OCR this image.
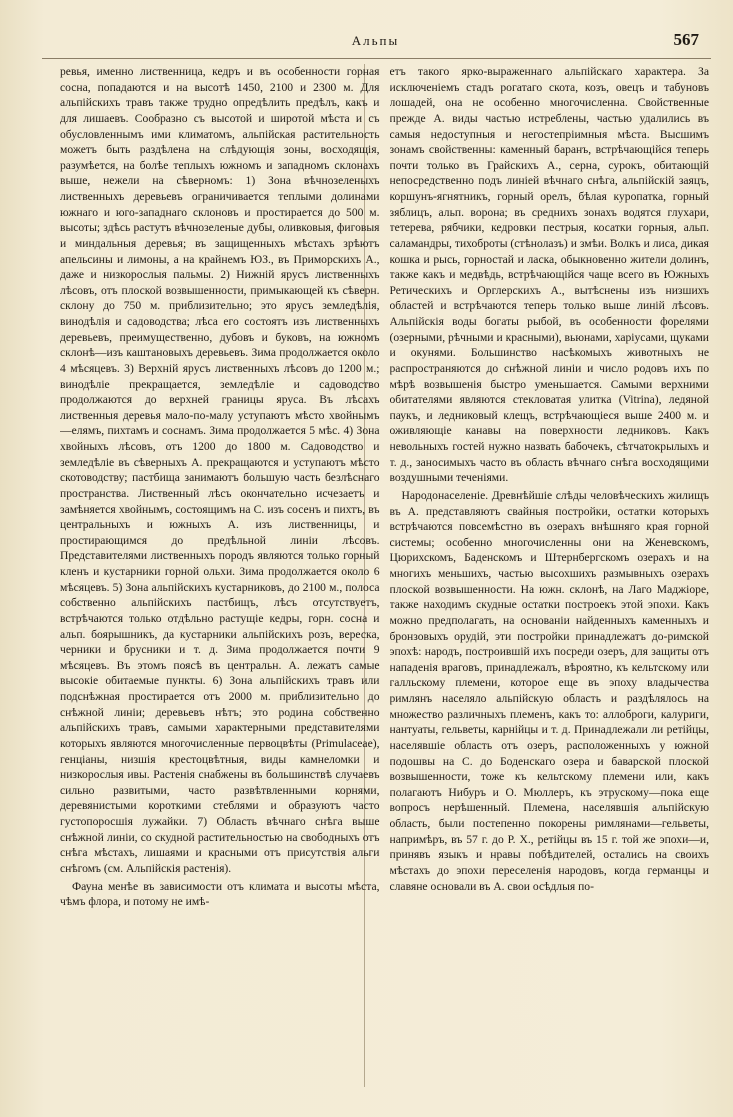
Альпы	567

ревья, именно лиственница, кедръ и въ особенности горная сосна, попадаются и на высотѣ 1450, 2100 и 2300 м. Для альпійскихъ травъ также трудно опредѣлить предѣлъ, какъ и для лишаевъ. Сообразно съ высотой и широтой мѣста и съ обусловленнымъ ими климатомъ, альпійская растительность можетъ быть раздѣлена на слѣдующія зоны, восходящія, разумѣется, на болѣе теплыхъ южномъ и западномъ склонахъ выше, нежели на сѣверномъ: 1) Зона вѣчнозеленыхъ лиственныхъ деревьевъ ограничивается теплыми долинами южнаго и юго-западнаго склоновъ и простирается до 500 м. высоты; здѣсь растутъ вѣчнозеленые дубы, оливковыя, фиговыя и миндальныя деревья; въ защищенныхъ мѣстахъ зрѣютъ апельсины и лимоны, а на крайнемъ ЮЗ., въ Приморскихъ А., даже и низкорослыя пальмы. 2) Нижній ярусъ лиственныхъ лѣсовъ, отъ плоской возвышенности, примыкающей къ сѣверн. склону до 750 м. приблизительно; это ярусъ земледѣлія, винодѣлія и садоводства; лѣса его состоятъ изъ лиственныхъ деревьевъ, преимущественно, дубовъ и буковъ, на южномъ склонѣ—изъ каштановыхъ деревьевъ. Зима продолжается около 4 мѣсяцевъ. 3) Верхній ярусъ лиственныхъ лѣсовъ до 1200 м.; винодѣліе прекращается, земледѣліе и садоводство продолжаются до верхней границы яруса. Въ лѣсахъ лиственныя деревья мало-по-малу уступаютъ мѣсто хвойнымъ—елямъ, пихтамъ и соснамъ. Зима продолжается 5 мѣс. 4) Зона хвойныхъ лѣсовъ, отъ 1200 до 1800 м. Садоводство и земледѣліе въ сѣверныхъ А. прекращаются и уступаютъ мѣсто скотоводству; пастбища занимаютъ большую часть безлѣснаго пространства. Лиственный лѣсъ окончательно исчезаетъ и замѣняется хвойнымъ, состоящимъ на С. изъ сосенъ и пихтъ, въ центральныхъ и южныхъ А. изъ лиственницы, и простирающимся до предѣльной линіи лѣсовъ. Представителями лиственныхъ породъ являются только горный кленъ и кустарники горной ольхи. Зима продолжается около 6 мѣсяцевъ. 5) Зона альпійскихъ кустарниковъ, до 2100 м., полоса собственно альпійскихъ пастбищъ, лѣсъ отсутствуетъ, встрѣчаются только отдѣльно растущіе кедры, горн. сосна и альп. боярышникъ, да кустарники альпійскихъ розъ, вереска, черники и брусники и т. д. Зима продолжается почти 9 мѣсяцевъ. Въ этомъ поясѣ въ центральн. А. лежатъ самые высокіе обитаемые пункты. 6) Зона альпійскихъ травъ или подснѣжная простирается отъ 2000 м. приблизительно до снѣжной линіи; деревьевъ нѣтъ; это родина собственно альпійскихъ травъ, самыми характерными представителями которыхъ являются многочисленные первоцвѣты (Primulaceae), генціаны, низшія крестоцвѣтныя, виды камнеломки и низкорослыя ивы. Растенія снабжены въ большинствѣ случаевъ сильно развитыми, часто развѣтвленными корнями, деревянистыми короткими стеблями и образуютъ часто густопоросшія лужайки. 7) Область вѣчнаго снѣга выше снѣжной линіи, со скудной растительностью на свободныхъ отъ снѣга мѣстахъ, лишаями и красными отъ присутствія альги снѣгомъ (см. Альпійскія растенія).

Фауна менѣе въ зависимости отъ климата и высоты мѣста, чѣмъ флора, и потому не имѣ-

етъ такого ярко-выраженнаго альпійскаго характера. За исключеніемъ стадъ рогатаго скота, козъ, овецъ и табуновъ лошадей, она не особенно многочисленна. Свойственные прежде А. виды частью истреблены, частью удалились въ самыя недоступныя и негостепріимныя мѣста. Высшимъ зонамъ свойственны: каменный баранъ, встрѣчающійся теперь почти только въ Грайскихъ А., серна, сурокъ, обитающій непосредственно подъ линіей вѣчнаго снѣга, альпійскій заяцъ, коршунъ-ягнятникъ, горный орелъ, бѣлая куропатка, горный зяблицъ, альп. ворона; въ среднихъ зонахъ водятся глухари, тетерева, рябчики, кедровки пестрыя, косатки горныя, альп. саламандры, тихоброты (стѣнолазъ) и змѣи. Волкъ и лиса, дикая кошка и рысь, горностай и ласка, обыкновенно жители долинъ, также какъ и медвѣдь, встрѣчающійся чаще всего въ Южныхъ Ретическихъ и Орглерскихъ А., вытѣснены изъ низшихъ областей и встрѣчаются теперь только выше линій лѣсовъ. Альпійскія воды богаты рыбой, въ особенности форелями (озерными, рѣчными и красными), вьюнами, харіусами, щуками и окунями. Большинство насѣкомыхъ животныхъ не распространяются до снѣжной линіи и число родовъ ихъ по мѣрѣ возвышенія быстро уменьшается. Самыми верхними обитателями являются стекловатая улитка (Vitrina), ледяной паукъ, и ледниковый клещъ, встрѣчающіеся выше 2400 м. и оживляющіе канавы на поверхности ледниковъ. Какъ невольныхъ гостей нужно назвать бабочекъ, сѣтчатокрылыхъ и т. д., заносимыхъ часто въ область вѣчнаго снѣга восходящими воздушными теченіями.

Народонаселеніе. Древнѣйшіе слѣды человѣческихъ жилищъ въ А. представляютъ свайныя постройки, остатки которыхъ встрѣчаются повсемѣстно въ озерахъ внѣшняго края горной системы; особенно многочисленны они на Женевскомъ, Цюрихскомъ, Баденскомъ и Штернбергскомъ озерахъ и на многихъ меньшихъ, частью высохшихъ размывныхъ озерахъ плоской возвышенности. На южн. склонѣ, на Лаго Маджіоре, также находимъ скудные остатки построекъ этой эпохи. Какъ можно предполагать, на основаніи найденныхъ каменныхъ и бронзовыхъ орудій, эти постройки принадлежатъ до-римской эпохѣ: народъ, построившій ихъ посреди озеръ, для защиты отъ нападенія враговъ, принадлежалъ, вѣроятно, къ кельтскому или галльскому племени, которое еще въ эпоху владычества римлянъ населяло альпійскую область и раздѣлялось на множество различныхъ племенъ, какъ то: аллоброги, калуриги, нантуаты, гельветы, карнійцы и т. д. Принадлежали ли ретійцы, населявшіе область отъ озеръ, расположенныхъ у южной подошвы на С. до Боденскаго озера и баварской плоской возвышенности, тоже къ кельтскому племени или, какъ полагаютъ Нибуръ и О. Мюллеръ, къ этрускому—пока еще вопросъ нерѣшенный. Племена, населявшія альпійскую область, были постепенно покорены римлянами—гельветы, напримѣръ, въ 57 г. до Р. Х., ретійцы въ 15 г. той же эпохи—и, принявъ языкъ и нравы побѣдителей, остались на своихъ мѣстахъ до эпохи переселенія народовъ, когда германцы и славяне основали въ А. свои осѣдлыя по-
